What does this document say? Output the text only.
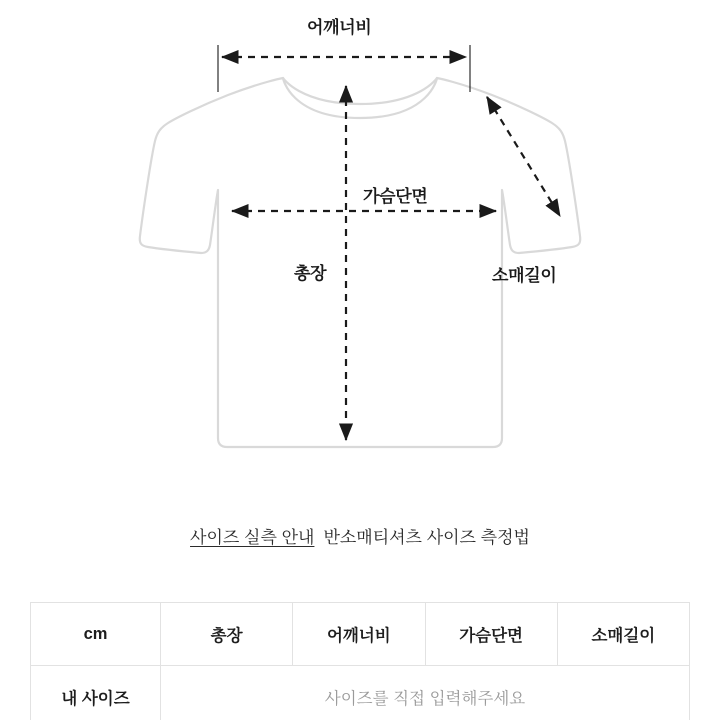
어깨너비
가슴단면
총장	소매길이
사이즈 실측 안내 반소매티셔츠 사이즈 측정법
cm	총장	어깨너비	가슴단면	소매길이
내 사이즈	사이즈를 직접 입력해주세요			
